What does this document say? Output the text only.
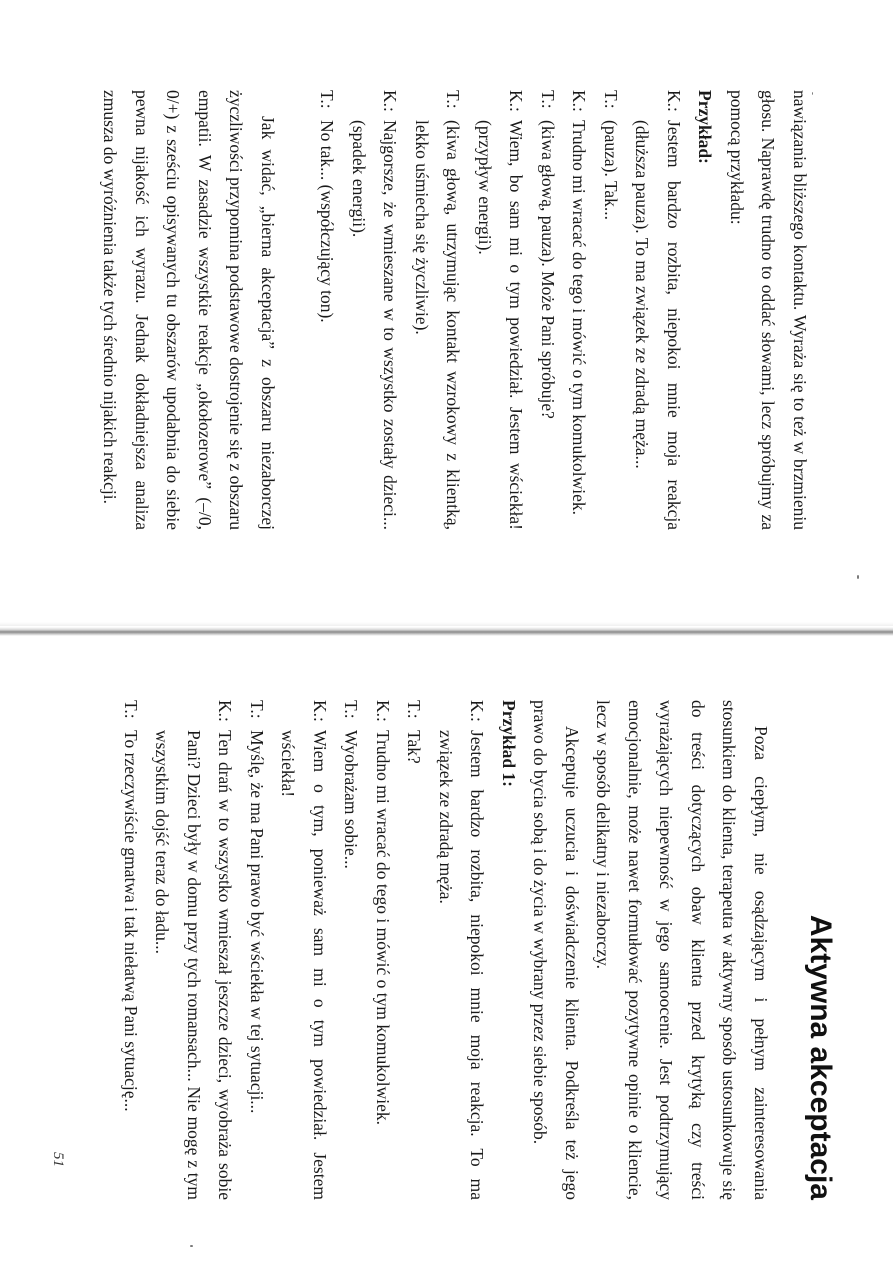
nawiązania bliższego kontaktu. Wyraża się to też w brzmieniu głosu. Naprawdę trudno to oddać słowami, lecz spróbujmy za pomocą przykładu:

Przykład:

K.:
Jestem bardzo rozbita, niepokoi mnie moja reakcja (dłuższa pauza). To ma związek ze zdradą męża...
T.:
(pauza). Tak...
K.:
Trudno mi wracać do tego i mówić o tym komukolwiek.
T.:
(kiwa głową, pauza). Może Pani spróbuje?
K.:
Wiem, bo sam mi o tym powiedział. Jestem wściekła! (przypływ energii).
T.:
(kiwa głową, utrzymując kontakt wzrokowy z klientką, lekko uśmiecha się życzliwie).
K.:
Najgorsze, że wmieszane w to wszystko zostały dzieci... (spadek energii).
T.:
No tak... (współczujący ton).

Jak widać, „bierna akceptacja” z obszaru niezaborczej życzliwości przypomina podstawowe dostrojenie się z obszaru empatii. W zasadzie wszystkie reakcje „okołozerowe” (–/0, 0/+) z sześciu opisywanych tu obszarów upodabnia do siebie pewna nijakość ich wyrazu. Jednak dokładniejsza analiza zmusza do wyróżnienia także tych średnio nijakich reakcji.

Aktywna akceptacja

Poza ciepłym, nie osądzającym i pełnym zainteresowania stosunkiem do klienta, terapeuta w aktywny sposób ustosunkowuje się do treści dotyczących obaw klienta przed krytyką czy treści wyrażających niepewność w jego samoocenie. Jest podtrzymujący emocjonalnie, może nawet formułować pozytywne opinie o kliencie, lecz w sposób delikatny i niezaborczy.

Akceptuje uczucia i doświadczenie klienta. Podkreśla też jego prawo do bycia sobą i do życia w wybrany przez siebie sposób.

Przykład 1:

K.:
Jestem bardzo rozbita, niepokoi mnie moja reakcja. To ma związek ze zdradą męża.
T.:
Tak?
K.:
Trudno mi wracać do tego i mówić o tym komukolwiek.
T.:
Wyobrażam sobie...
K.:
Wiem o tym, ponieważ sam mi o tym powiedział. Jestem wściekła!
T.:
Myślę, że ma Pani prawo być wściekła w tej sytuacji...
K.:
Ten drań w to wszystko wmieszał jeszcze dzieci, wyobraża sobie Pani? Dzieci były w domu przy tych romansach... Nie mogę z tym wszystkim dojść teraz do ładu...
T.:
To rzeczywiście gmatwa i tak niełatwą Pani sytuację...
51
